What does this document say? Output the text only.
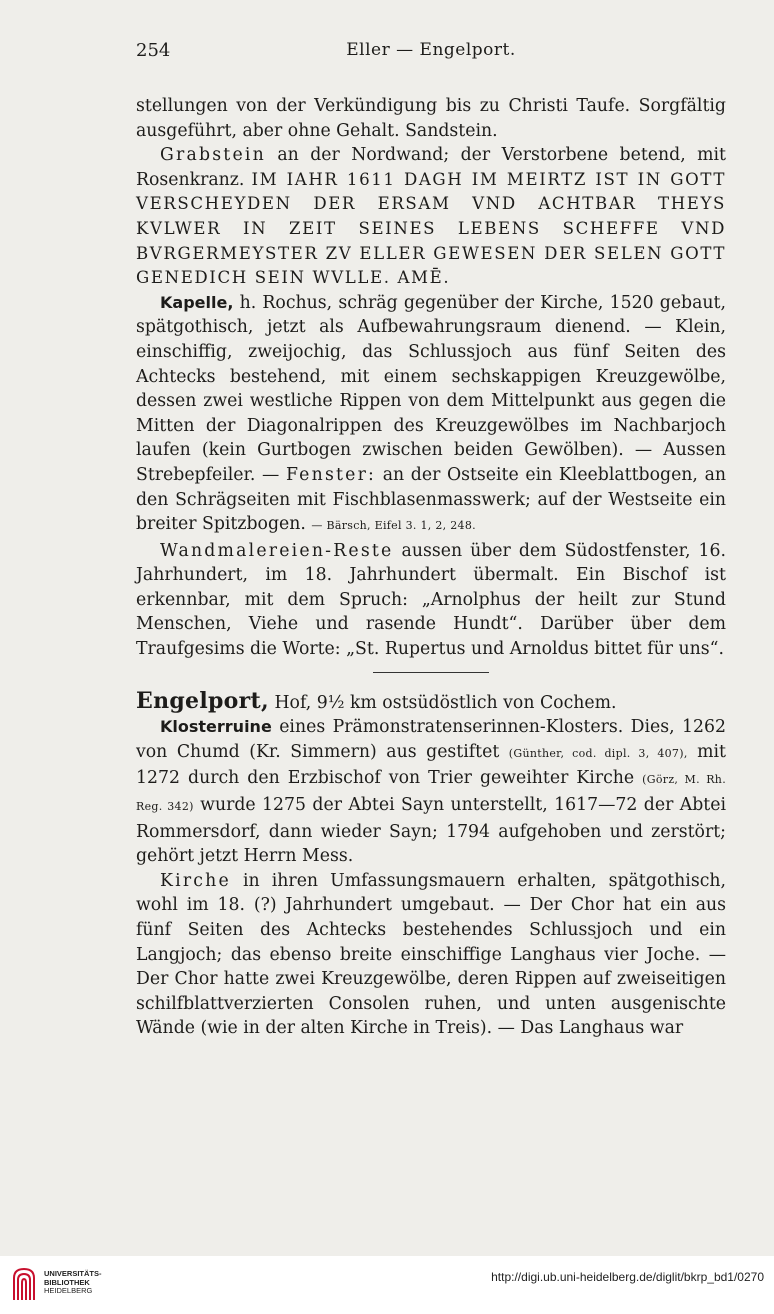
254	Eller — Engelport.

stellungen von der Verkündigung bis zu Christi Taufe. Sorgfältig ausgeführt, aber ohne Gehalt. Sandstein.

Grabstein an der Nordwand; der Verstorbene betend, mit Rosenkranz. IM IAHR 1611 DAGH IM MEIRTZ IST IN GOTT VERSCHEYDEN DER ERSAM VND ACHTBAR THEYS KVLWER IN ZEIT SEINES LEBENS SCHEFFE VND BVRGERMEYSTER ZV ELLER GEWESEN DER SELEN GOTT GENEDICH SEIN WVLLE. AMĒ.

Kapelle, h. Rochus, schräg gegenüber der Kirche, 1520 gebaut, spätgothisch, jetzt als Aufbewahrungsraum dienend. — Klein, einschiffig, zweijochig, das Schlussjoch aus fünf Seiten des Achtecks bestehend, mit einem sechskappigen Kreuzgewölbe, dessen zwei westliche Rippen von dem Mittelpunkt aus gegen die Mitten der Diagonalrippen des Kreuzgewölbes im Nachbarjoch laufen (kein Gurtbogen zwischen beiden Gewölben). — Aussen Strebepfeiler. — Fenster: an der Ostseite ein Kleeblattbogen, an den Schrägseiten mit Fischblasenmasswerk; auf der Westseite ein breiter Spitzbogen. — Bärsch, Eifel 3. 1, 2, 248.

Wandmalereien-Reste aussen über dem Südostfenster, 16. Jahrhundert, im 18. Jahrhundert übermalt. Ein Bischof ist erkennbar, mit dem Spruch: „Arnolphus der heilt zur Stund Menschen, Viehe und rasende Hundt“. Darüber über dem Traufgesims die Worte: „St. Rupertus und Arnoldus bittet für uns“.

Engelport, Hof, 9½ km ostsüdöstlich von Cochem.

Klosterruine eines Prämonstratenserinnen-Klosters. Dies, 1262 von Chumd (Kr. Simmern) aus gestiftet (Günther, cod. dipl. 3, 407), mit 1272 durch den Erzbischof von Trier geweihter Kirche (Görz, M. Rh. Reg. 342) wurde 1275 der Abtei Sayn unterstellt, 1617—72 der Abtei Rommersdorf, dann wieder Sayn; 1794 aufgehoben und zerstört; gehört jetzt Herrn Mess.

Kirche in ihren Umfassungsmauern erhalten, spätgothisch, wohl im 18. (?) Jahrhundert umgebaut. — Der Chor hat ein aus fünf Seiten des Achtecks bestehendes Schlussjoch und ein Langjoch; das ebenso breite einschiffige Langhaus vier Joche. — Der Chor hatte zwei Kreuzgewölbe, deren Rippen auf zweiseitigen schilfblattverzierten Consolen ruhen, und unten ausgenischte Wände (wie in der alten Kirche in Treis). — Das Langhaus war

UNIVERSITÄTS-
BIBLIOTHEK
HEIDELBERG
http://digi.ub.uni-heidelberg.de/diglit/bkrp_bd1/0270
